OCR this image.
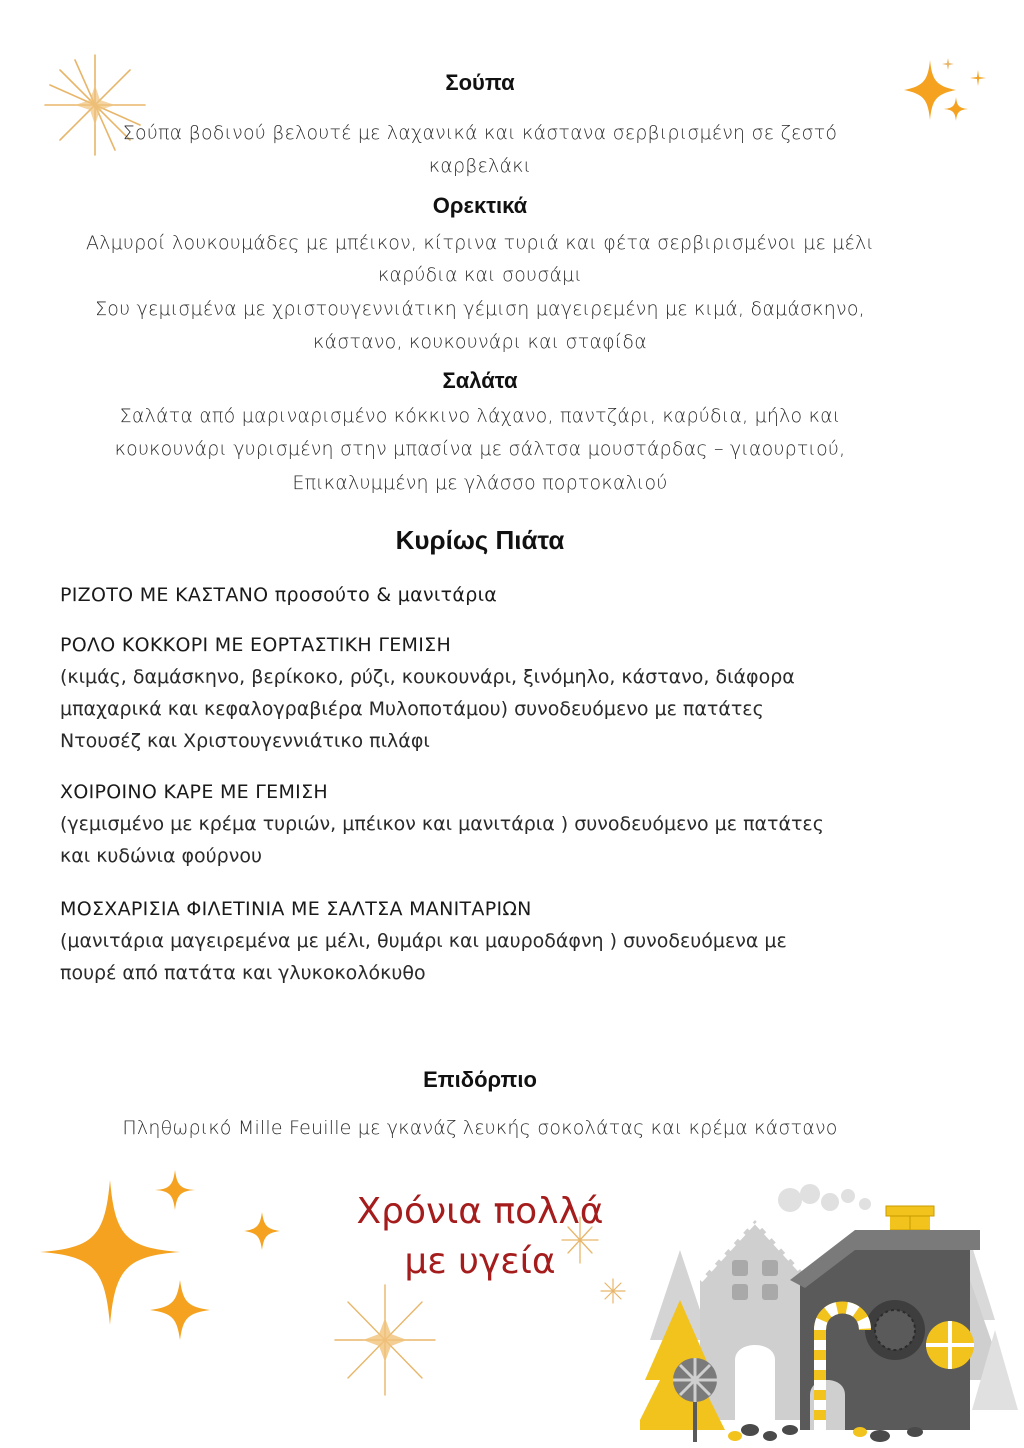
Σούπα
Σούπα βοδινού βελουτέ με λαχανικά και κάστανα σερβιρισμένη σε ζεστό
καρβελάκι
Ορεκτικά
Αλμυροί λουκουμάδες με μπέικον, κίτρινα τυριά και φέτα σερβιρισμένοι με μέλι
καρύδια και σουσάμι
Σου γεμισμένα με χριστουγεννιάτικη γέμιση μαγειρεμένη με κιμά, δαμάσκηνο,
κάστανο, κουκουνάρι και σταφίδα
Σαλάτα
Σαλάτα από μαριναρισμένο κόκκινο λάχανο, παντζάρι, καρύδια, μήλο και
κουκουνάρι γυρισμένη στην μπασίνα με σάλτσα μουστάρδας – γιαουρτιού,
Επικαλυμμένη με γλάσσο πορτοκαλιού
Κυρίως Πιάτα
ΡΙΖΟΤΟ ΜΕ ΚΑΣΤΑΝΟ προσούτο & μανιτάρια
ΡΟΛΟ ΚΟΚΚΟΡΙ ΜΕ ΕΟΡΤΑΣΤΙΚΗ ΓΕΜΙΣΗ

(κιμάς, δαμάσκηνο, βερίκοκο, ρύζι, κουκουνάρι, ξινόμηλο, κάστανο, διάφορα

μπαχαρικά και κεφαλογραβιέρα Μυλοποτάμου) συνοδευόμενο με πατάτες

Ντουσέζ και Χριστουγεννιάτικο πιλάφι

ΧΟΙΡΟΙΝΟ ΚΑΡΕ ΜΕ ΓΕΜΙΣΗ

(γεμισμένο με κρέμα τυριών, μπέικον και μανιτάρια ) συνοδευόμενο με πατάτες

και κυδώνια φούρνου

ΜΟΣΧΑΡΙΣΙΑ ΦΙΛΕΤΙΝΙΑ ΜΕ ΣΑΛΤΣΑ ΜΑΝΙΤΑΡΙΩΝ

(μανιτάρια μαγειρεμένα με μέλι, θυμάρι και μαυροδάφνη ) συνοδευόμενα με

πουρέ από πατάτα και γλυκοκολόκυθο

Επιδόρπιο
Πληθωρικό Mille Feuille με γκανάζ λευκής σοκολάτας και κρέμα κάστανο
Χρόνια πολλά
με υγεία
